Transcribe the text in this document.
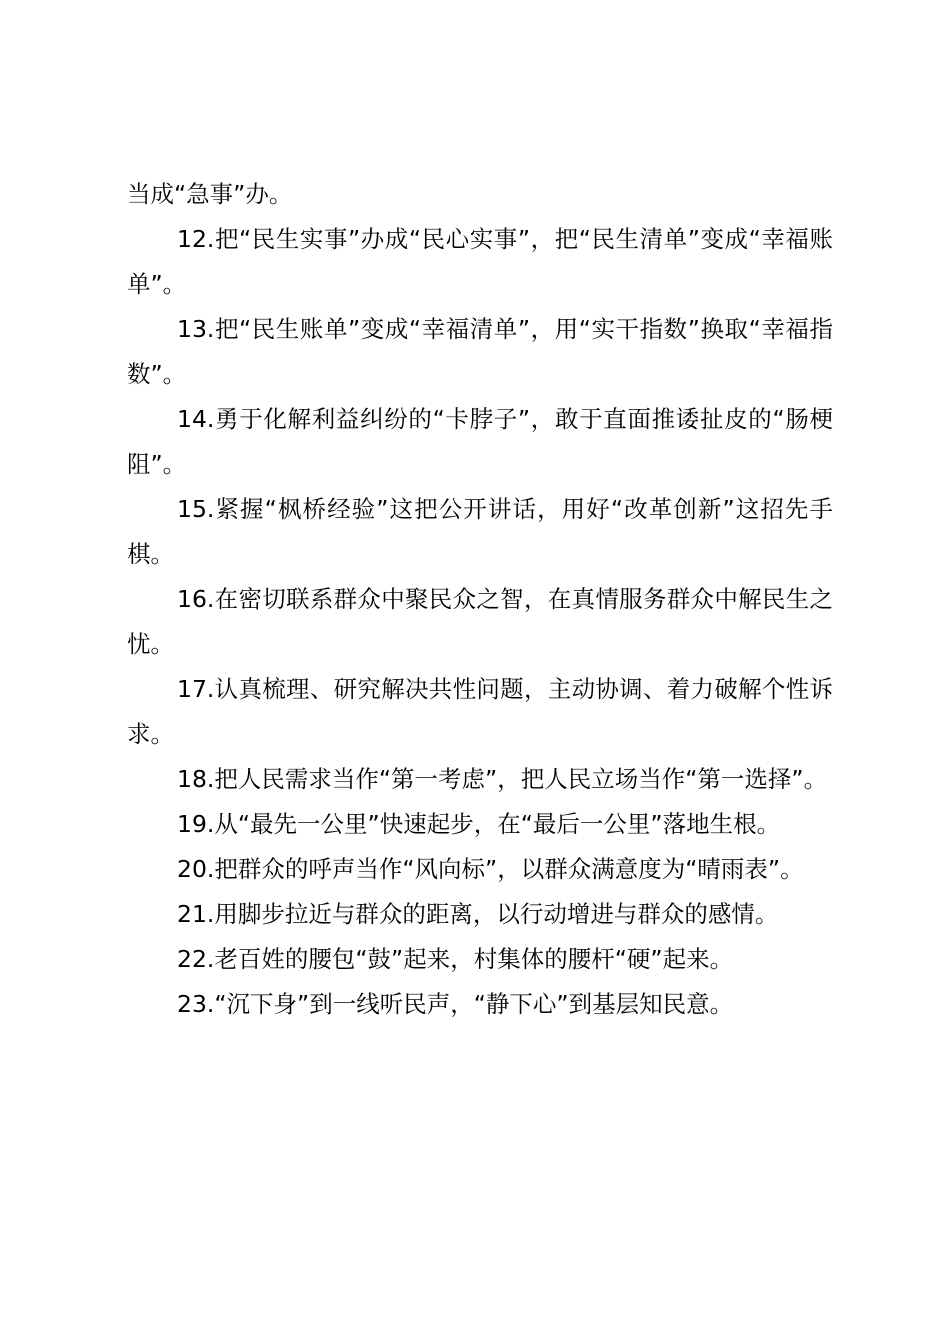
当成“急事”办。

12.把“民生实事”办成“民心实事”，把“民生清单”变成“幸福账单”。

13.把“民生账单”变成“幸福清单”，用“实干指数”换取“幸福指数”。

14.勇于化解利益纠纷的“卡脖子”，敢于直面推诿扯皮的“肠梗阻”。

15.紧握“枫桥经验”这把公开讲话，用好“改革创新”这招先手棋。

16.在密切联系群众中聚民众之智，在真情服务群众中解民生之忧。

17.认真梳理、研究解决共性问题，主动协调、着力破解个性诉求。

18.把人民需求当作“第一考虑”，把人民立场当作“第一选择”。

19.从“最先一公里”快速起步，在“最后一公里”落地生根。

20.把群众的呼声当作“风向标”，以群众满意度为“晴雨表”。

21.用脚步拉近与群众的距离，以行动增进与群众的感情。

22.老百姓的腰包“鼓”起来，村集体的腰杆“硬”起来。

23.“沉下身”到一线听民声，“静下心”到基层知民意。
